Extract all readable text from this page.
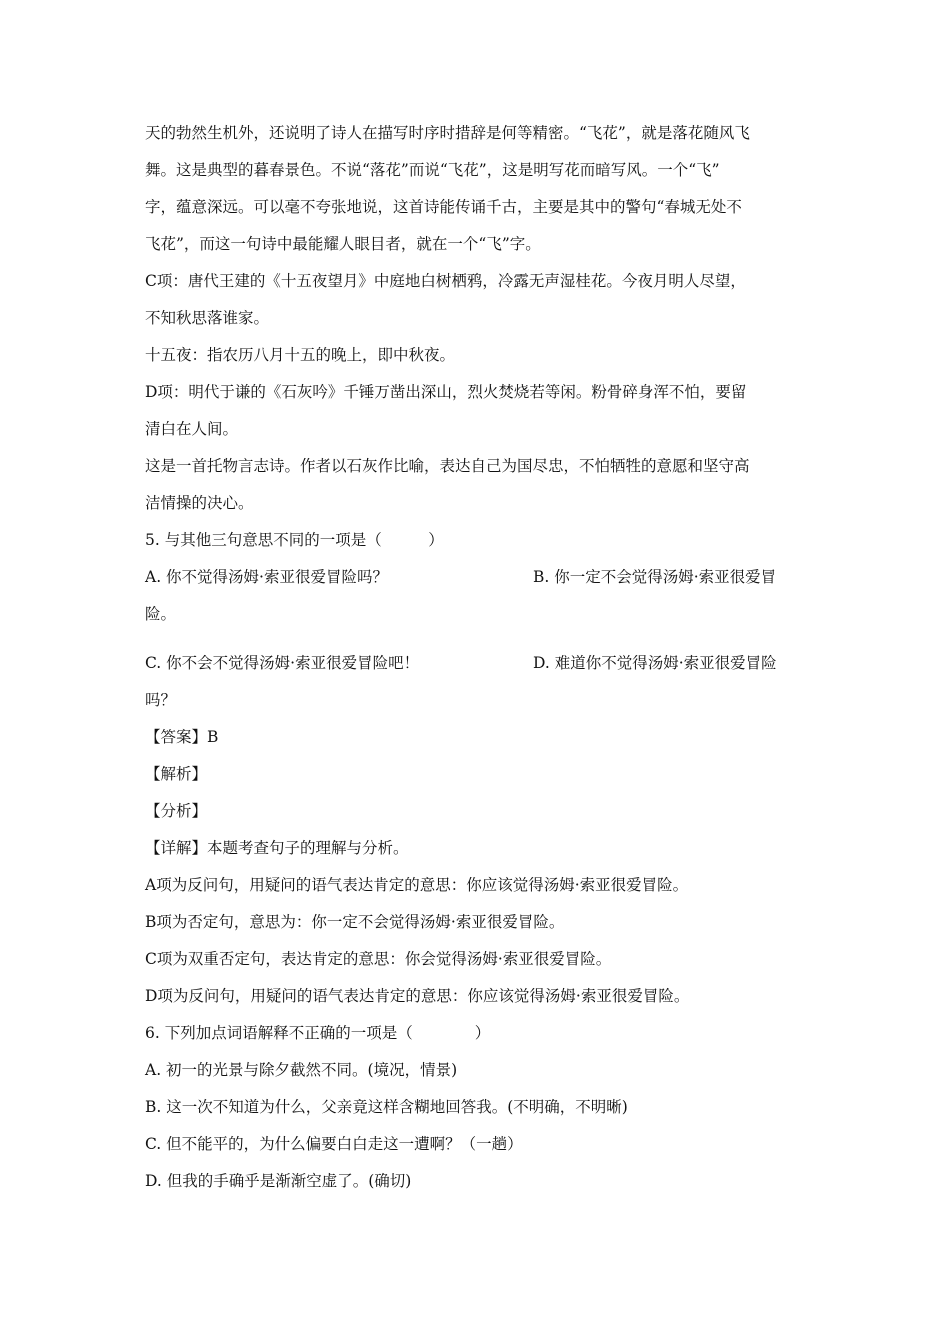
天的勃然生机外，还说明了诗人在描写时序时措辞是何等精密。“飞花”，就是落花随风飞
舞。这是典型的暮春景色。不说“落花”而说“飞花”，这是明写花而暗写风。一个“飞”
字，蕴意深远。可以毫不夸张地说，这首诗能传诵千古，主要是其中的警句“春城无处不
飞花”，而这一句诗中最能耀人眼目者，就在一个“飞”字。
C项：唐代王建的《十五夜望月》中庭地白树栖鸦，冷露无声湿桂花。今夜月明人尽望，
不知秋思落谁家。
十五夜：指农历八月十五的晚上，即中秋夜。
D项：明代于谦的《石灰吟》千锤万凿出深山，烈火焚烧若等闲。粉骨碎身浑不怕，要留
清白在人间。
这是一首托物言志诗。作者以石灰作比喻，表达自己为国尽忠，不怕牺牲的意愿和坚守高
洁情操的决心。
5. 与其他三句意思不同的一项是（　　　）
A. 你不觉得汤姆·索亚很爱冒险吗？	B. 你一定不会觉得汤姆·索亚很爱冒
险。
C. 你不会不觉得汤姆·索亚很爱冒险吧！	D. 难道你不觉得汤姆·索亚很爱冒险
吗？
【答案】B
【解析】
【分析】
【详解】本题考查句子的理解与分析。
A项为反问句，用疑问的语气表达肯定的意思：你应该觉得汤姆·索亚很爱冒险。
B项为否定句，意思为：你一定不会觉得汤姆·索亚很爱冒险。
C项为双重否定句，表达肯定的意思：你会觉得汤姆·索亚很爱冒险。
D项为反问句，用疑问的语气表达肯定的意思：你应该觉得汤姆·索亚很爱冒险。
6. 下列加点词语解释不正确的一项是（　　　　）
A. 初一的光景与除夕截然不同。(境况，情景)
B. 这一次不知道为什么，父亲竟这样含糊地回答我。(不明确，不明晰)
C. 但不能平的，为什么偏要白白走这一遭啊？（一趟）
D. 但我的手确乎是渐渐空虚了。(确切)
